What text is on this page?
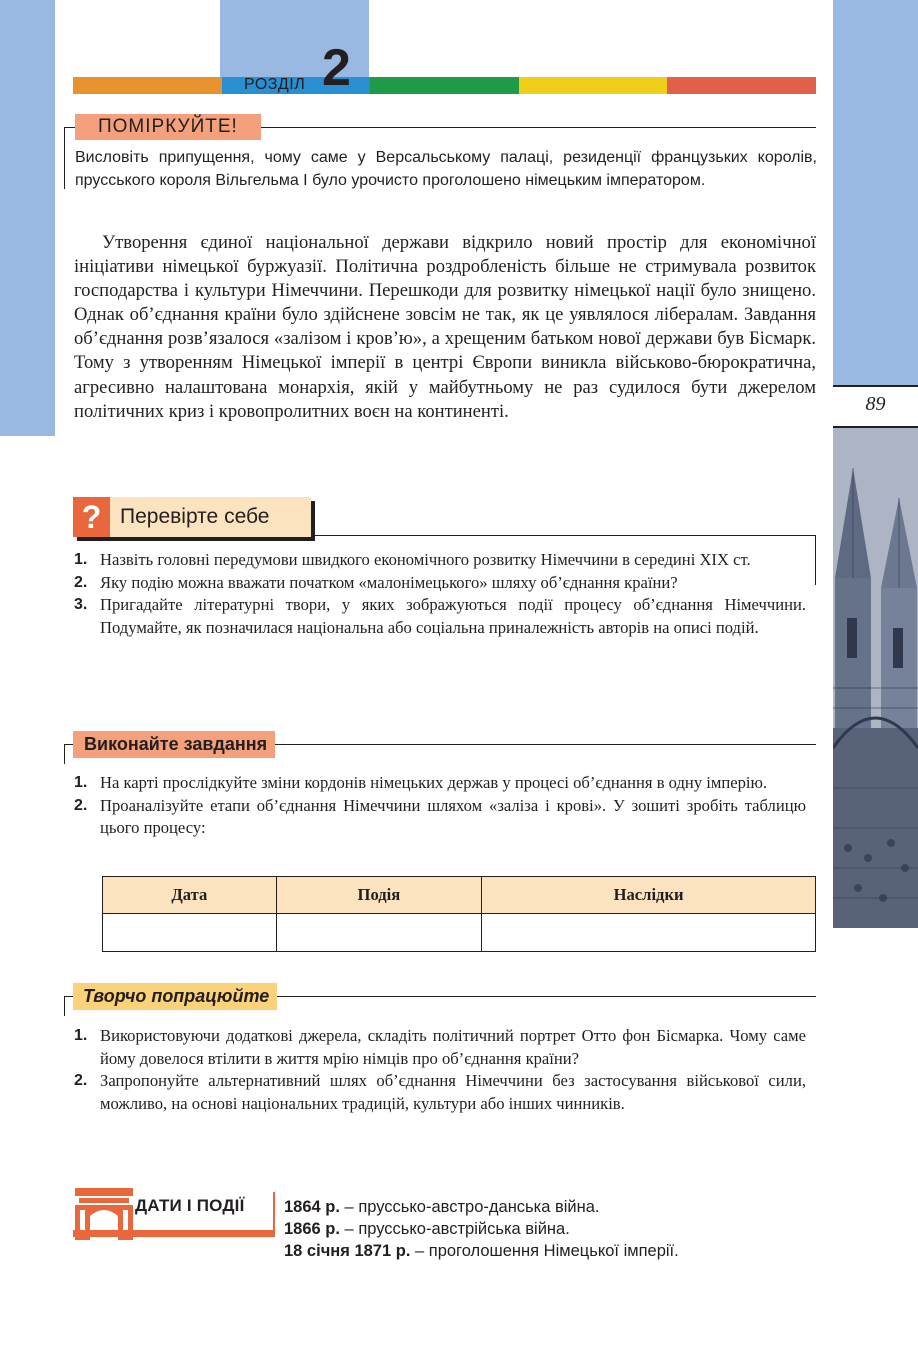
89
РОЗДІЛ 2
ПОМІРКУЙТЕ!
Висловіть припущення, чому саме у Версальському палаці, резиденції французьких королів, прусського короля Вільгельма І було урочисто проголошено німецьким імператором.
Утворення єдиної національної держави відкрило новий простір для економічної ініціативи німецької буржуазії. Політична роздробленість більше не стримувала розвиток господарства і культури Німеччини. Перешкоди для розвитку німецької нації було знищено. Однак об’єднання країни було здійснене зовсім не так, як це уявлялося лібералам. Завдання об’єднання розв’язалося «залізом і кров’ю», а хрещеним батьком нової держави був Бісмарк. Тому з утворенням Німецької імперії в центрі Європи виникла військово-бюрократична, агресивно налаштована монархія, якій у майбутньому не раз судилося бути джерелом політичних криз і кровопролитних воєн на континенті.
? Перевірте себе
1. Назвіть головні передумови швидкого економічного розвитку Німеччини в середині XIX ст.
2. Яку подію можна вважати початком «малонімецького» шляху об’єднання країни?
3. Пригадайте літературні твори, у яких зображуються події процесу об’єднання Німеччини. Подумайте, як позначилася національна або соціальна приналежність авторів на описі подій.
Виконайте завдання
1. На карті прослідкуйте зміни кордонів німецьких держав у процесі об’єднання в одну імперію.
2. Проаналізуйте етапи об’єднання Німеччини шляхом «заліза і крові». У зошиті зробіть таблицю цього процесу:
Дата	Подія	Наслідки

Творчо попрацюйте
1. Використовуючи додаткові джерела, складіть політичний портрет Отто фон Бісмарка. Чому саме йому довелося втілити в життя мрію німців про об’єднання країни?
2. Запропонуйте альтернативний шлях об’єднання Німеччини без застосування військової сили, можливо, на основі національних традицій, культури або інших чинників.
ДАТИ І ПОДІЇ 1864 р. – пруссько-австро-данська війна.
1866 р. – пруссько-австрійська війна.
18 січня 1871 р. – проголошення Німецької імперії.
